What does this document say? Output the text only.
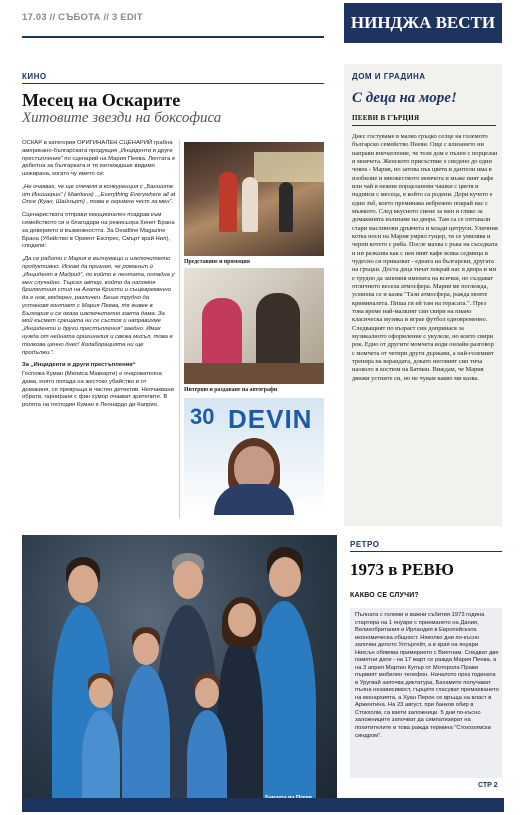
17.03 // СЪБОТА // 3 EDIT	НИНДЖА ВЕСТИ
КИНО
Месец на Оскарите
Хитовите звезди на боксофиса

ОСКАР в категория ОРИГИНАЛЕН СЦЕНАРИЙ грабна американо-българската продукция „Инциденти и други престъпления“ по сценарий на Мария Пеева. Лентата е дебютна за българката и тя изглеждаше видимо шокирана, когато чу името си:

„Не очаквах, че ще спечеля в конкуренция с „Баншите от Инишерин“ ( Макдона) , „Everything Everywhere all at Once (Куан, Шайнърт) , това е огромна чест за мен“.

Сценаристката отправи емоционален поздрав към семейството си и благодари на режисьора Кенет Брана за доверието и възможността. За Deadline Magazine Брана (Убийство в Ориент Експрес, Смърт край Нил), сподели:

„Да се работи с Мария е вълнуващо и изключително продуктивно. Искам да призная, че романът ѝ „Инцидент в Мадрид“, по който е лентата, попадна у мен случайно. Търсех автор, който да напомня брилянтния стил на Агата Кристи и същевременно да е нов, модерен, различен. Беше трудно да установя контакт с Мария Пеева, тя живее в България и се оказа изключително заета дама. За мой късмет срещата ни се състоя и направихме „Инциденти и други престъпления“ заедно. Имах нужда от нейната оригиналия и свежа мисъл, това е толкова ценно днес! Колаборацията ни ще продължи.“.

За „Инциденти и други престъпления“

Госпожа Куман (Мелиса Маккарти) е очарователна дама, която попада на жестоко убийство и от домакиня, се превръща в частен детектив. Неочаквани обрати, гарнирани с фин хумор очакват зрителите. В ролята на господин Куман е Леонардо ди Каприо.

Представяне и промоция
Интервю и раздаване на автографи
30 DEVIN
ДОМ И ГРАДИНА
С деца на море!
ПЕЕВИ В ГЪРЦИЯ
Днес гостуваме в малко гръцко селце на големото българско семейство Пееви. Още с влизането ни направи впечатление, че този дом е пълен с порцелан и момчета. Женското присъствие е сведено до един човек - Мария, но затова пък цветя и дантели има в изобилие и множеството момчета и мъже пият кафе или чай в нежни порцеланови чашки с цветя и надписи с месеца, в който са родени. Дори кучето е един зъб, което преминава небрежно покрай нас с мъжкото. След вкусното сиене за мен и глико за домакинята излизаме на двора. Там са се оптъвали стари маслинови дръвчета и млади цитруси. Уличния котка носи на Мария умрял гущер, тя се умилява и черпи котето с риба. После махва с ръка на съседката и ни разказва как с нея пият кафе всяка седмица и чудесно си приказват - едната на български, другата на гръцки. Доста деца тичат покрай нас в двора и ми е трудно да запомня имената на всички, но създават отличното весела атмосфера. Мария ме поглежда, усмихва се и казва "Тази атмосфера, ражда моите криминалета. Пиша ги ей там на терасата.". През това време най-малкият син свири на пиано класическа музика и играе футбол едновременно. Следващият по възраст син допринася за музикалното оформление с укулеле, но които свири рок. Едно от другите момчета води онлайн разговор с момчета от четири други държави, а най-големият тренира на верандата, докато неговият син тича наоколо в костюм на Батман. Виждам, че Мария движи устните си, но не чувам какво ми казва.
РЕТРО
1973 в РЕВЮ
КАКВО СЕ СЛУЧИ?
Пълната с големи и важни събития 1973 година стартира на 1 януари с приемането на Дания, Великобритания и Ирландия в Европейската икономическа общност. Няколко дни по-късно започва делото Уотъргейт, а в края на януари Никсън обявява примирието с Виетнам. Следват две паметни дати - на 17 март се ражда Мария Пеева, а на 3 април Мартин Купър от Моторола Прави първият мобилен телефон. Началото през годината в Уругвай започва диктатура, Бахамите получават пълна независимост, гърците гласуват премахването на монархията, а Хуан Перон се връща на власт в Аржентина. На 23 август, при банков обир в Стокхолм, са взети заложници. 5 дни по-късно заложниците започват да симпатизират на похитителите и това ражда термина "Стокхолмски синдром".
СТР 2
